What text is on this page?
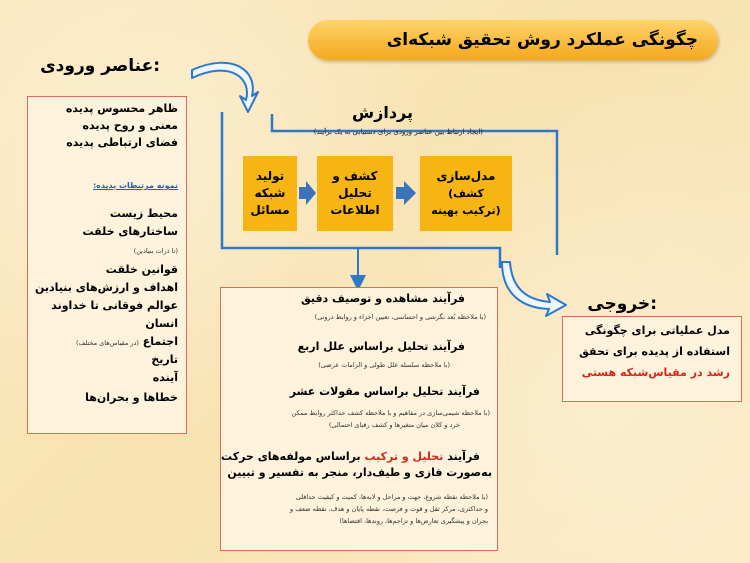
چگونگی عملکرد روش تحقیق شبکه‌ای
عناصر ورودی:
ظاهر محسوس پدیده
معنی و روح پدیده
فضای ارتباطی پدیده
نمونه مرتبطات پدیده:
محیط زیست
ساختارهای خلقت
(تا ذرات بنیادین)
قوانین خلقت
اهداف و ارزش‌های بنیادین
عوالم فوقانی تا خداوند
انسان
اجتماع (در مقیاس‌های مختلف)
تاریخ
آینده
خطاها و بحران‌ها
پردازش
(ایجاد ارتباط بین عناصر ورودی برای دستیابی به یک برآیند)
تولید
شبکه
مسائل
کشف و
تحلیل
اطلاعات
مدل‌سازی
(کشف
ترکیب بهینه)
فرآیند مشاهده و توصیف دقیق
(با ملاحظه بُعد نگرشی و احساسی، تعیین اجزاء و روابط درونی)
فرآیند تحلیل براساس علل اربع
(با ملاحظه سلسله علل طولی و الزامات عرضی)
فرآیند تحلیل براساس مقولات عشر
(با ملاحظه شیمی‌سازی در مفاهیم و با ملاحظه کشف حداکثر روابط ممکن
خرد و کلان میان متغیرها و کشف رقبای احتمالی)
فرآیند تحلیل و ترکیب براساس مولفه‌های حرکت
به‌صورت فازی و طیف‌دار، منجر به تفسیر و تبیین
(با ملاحظه نقطه شروع، جهت و مراحل و لایه‌ها، کمیت و کیفیت حداقلی
و حداکثری، مرکز ثقل و قوت و فرصت، نقطه پایان و هدف، نقطه ضعف و
بحران و پیشگیری تعارض‌ها و تزاحم‌ها، روندها، اقتضاها)
خروجی:
مدل عملیاتی برای چگونگی
استفاده از پدیده برای تحقق
رشد در مقیاس‌شبکه هستی
